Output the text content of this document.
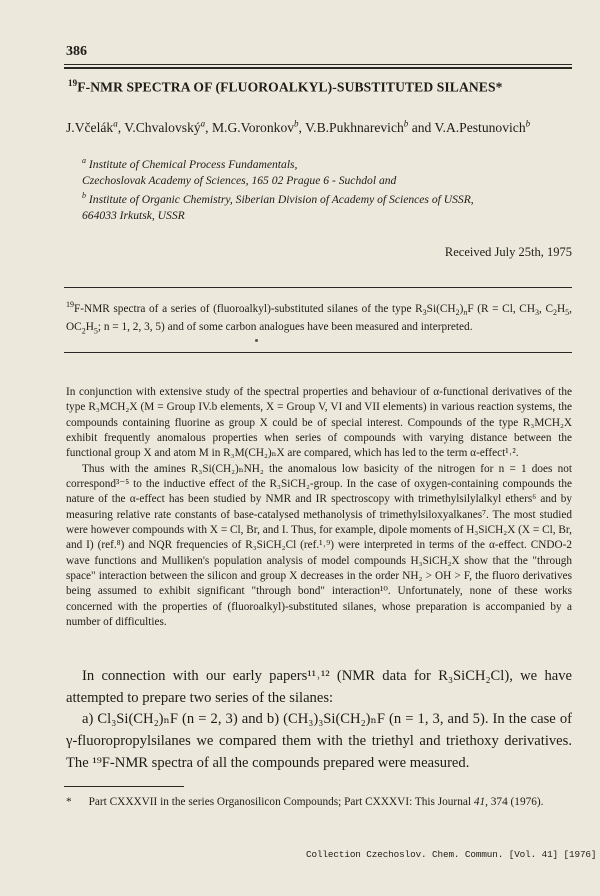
386
$^{19}$F-NMR SPECTRA OF (FLUOROALKYL)-SUBSTITUTED SILANES*
J.Včelák$^a$, V.Chvalovský$^a$, M.G.Voronkov$^b$, V.B.Pukhnarevich$^b$ and V.A.Pestunovich$^b$
$^a$ Institute of Chemical Process Fundamentals,
Czechoslovak Academy of Sciences, 165 02 Prague 6 - Suchdol and
$^b$ Institute of Organic Chemistry, Siberian Division of Academy of Sciences of USSR,
664033 Irkutsk, USSR
Received July 25th, 1975
$^{19}$F-NMR spectra of a series of (fluoroalkyl)-substituted silanes of the type $R_3Si(CH_2)_nF$ (R = Cl, $CH_3$, $C_2H_5$, $OC_2H_5$; n = 1, 2, 3, 5) and of some carbon analogues have been measured and interpreted.

In conjunction with extensive study of the spectral properties and behaviour of α-functional derivatives of the type R₃MCH₂X (M = Group IV.b elements, X = Group V, VI and VII elements) in various reaction systems, the compounds containing fluorine as group X could be of special interest. Compounds of the type R₃MCH₂X exhibit frequently anomalous properties when series of compounds with varying distance between the functional group X and atom M in R₃M(CH₂)ₙX are compared, which has led to the term α-effect¹˒².

Thus with the amines R₃Si(CH₂)ₙNH₂ the anomalous low basicity of the nitrogen for n = 1 does not correspond³⁻⁵ to the inductive effect of the R₃SiCH₂-group. In the case of oxygen-containing compounds the nature of the α-effect has been studied by NMR and IR spectroscopy with trimethylsilylalkyl ethers⁶ and by measuring relative rate constants of base-catalysed methanolysis of trimethylsiloxyalkanes⁷. The most studied were however compounds with X = Cl, Br, and I. Thus, for example, dipole moments of H₃SiCH₂X (X = Cl, Br, and I) (ref.⁸) and NQR frequencies of R₃SiCH₂Cl (ref.¹˒⁹) were interpreted in terms of the α-effect. CNDO-2 wave functions and Mulliken's population analysis of model compounds H₃SiCH₂X show that the "through space" interaction between the silicon and group X decreases in the order NH₂ > OH > F, the fluoro derivatives being assumed to exhibit significant "through bond" interaction¹⁰. Unfortunately, none of these works concerned with the properties of (fluoroalkyl)-substituted silanes, whose preparation is accompanied by a number of difficulties.

In connection with our early papers¹¹˒¹² (NMR data for R₃SiCH₂Cl), we have attempted to prepare two series of the silanes:

a) Cl₃Si(CH₂)ₙF (n = 2, 3) and b) (CH₃)₃Si(CH₂)ₙF (n = 1, 3, and 5). In the case of γ-fluoropropylsilanes we compared them with the triethyl and triethoxy derivatives. The ¹⁹F-NMR spectra of all the compounds prepared were measured.

* Part CXXXVII in the series Organosilicon Compounds; Part CXXXVI: This Journal 41, 374 (1976).
Collection Czechoslov. Chem. Commun. [Vol. 41] [1976]
